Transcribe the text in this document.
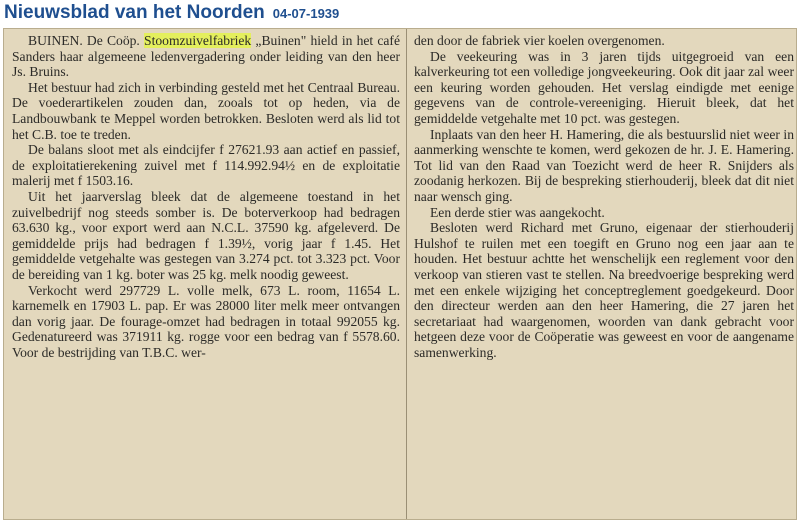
Nieuwsblad van het Noorden 04-07-1939

BUINEN. De Coöp. Stoomzuivelfabriek „Buinen" hield in het café Sanders haar algemeene ledenvergadering onder leiding van den heer Js. Bruins.

Het bestuur had zich in verbinding gesteld met het Centraal Bureau. De voederartikelen zouden dan, zooals tot op heden, via de Landbouwbank te Meppel worden betrokken. Besloten werd als lid tot het C.B. toe te treden.

De balans sloot met als eindcijfer f 27621.93 aan actief en passief, de exploitatierekening zuivel met f 114.992.94½ en de exploitatie malerij met f 1503.16.

Uit het jaarverslag bleek dat de algemeene toestand in het zuivelbedrijf nog steeds somber is. De boterverkoop had bedragen 63.630 kg., voor export werd aan N.C.L. 37590 kg. afgeleverd. De gemiddelde prijs had bedragen f 1.39½, vorig jaar f 1.45. Het gemiddelde vetgehalte was gestegen van 3.274 pct. tot 3.323 pct. Voor de bereiding van 1 kg. boter was 25 kg. melk noodig geweest.

Verkocht werd 297729 L. volle melk, 673 L. room, 11654 L. karnemelk en 17903 L. pap. Er was 28000 liter melk meer ontvangen dan vorig jaar. De fourage-omzet had bedragen in totaal 992055 kg. Gedenatureerd was 371911 kg. rogge voor een bedrag van f 5578.60. Voor de bestrijding van T.B.C. wer-

den door de fabriek vier koelen overgenomen.

De veekeuring was in 3 jaren tijds uitgegroeid van een kalverkeuring tot een volledige jongveekeuring. Ook dit jaar zal weer een keuring worden gehouden. Het verslag eindigde met eenige gegevens van de controle-vereeniging. Hieruit bleek, dat het gemiddelde vetgehalte met 10 pct. was gestegen.

Inplaats van den heer H. Hamering, die als bestuurslid niet weer in aanmerking wenschte te komen, werd gekozen de hr. J. E. Hamering. Tot lid van den Raad van Toezicht werd de heer R. Snijders als zoodanig herkozen. Bij de bespreking stierhouderij, bleek dat dit niet naar wensch ging.

Een derde stier was aangekocht.

Besloten werd Richard met Gruno, eigenaar der stierhouderij Hulshof te ruilen met een toegift en Gruno nog een jaar aan te houden. Het bestuur achtte het wenschelijk een reglement voor den verkoop van stieren vast te stellen. Na breedvoerige bespreking werd met een enkele wijziging het conceptreglement goedgekeurd. Door den directeur werden aan den heer Hamering, die 27 jaren het secretariaat had waargenomen, woorden van dank gebracht voor hetgeen deze voor de Coöperatie was geweest en voor de aangename samenwerking.
